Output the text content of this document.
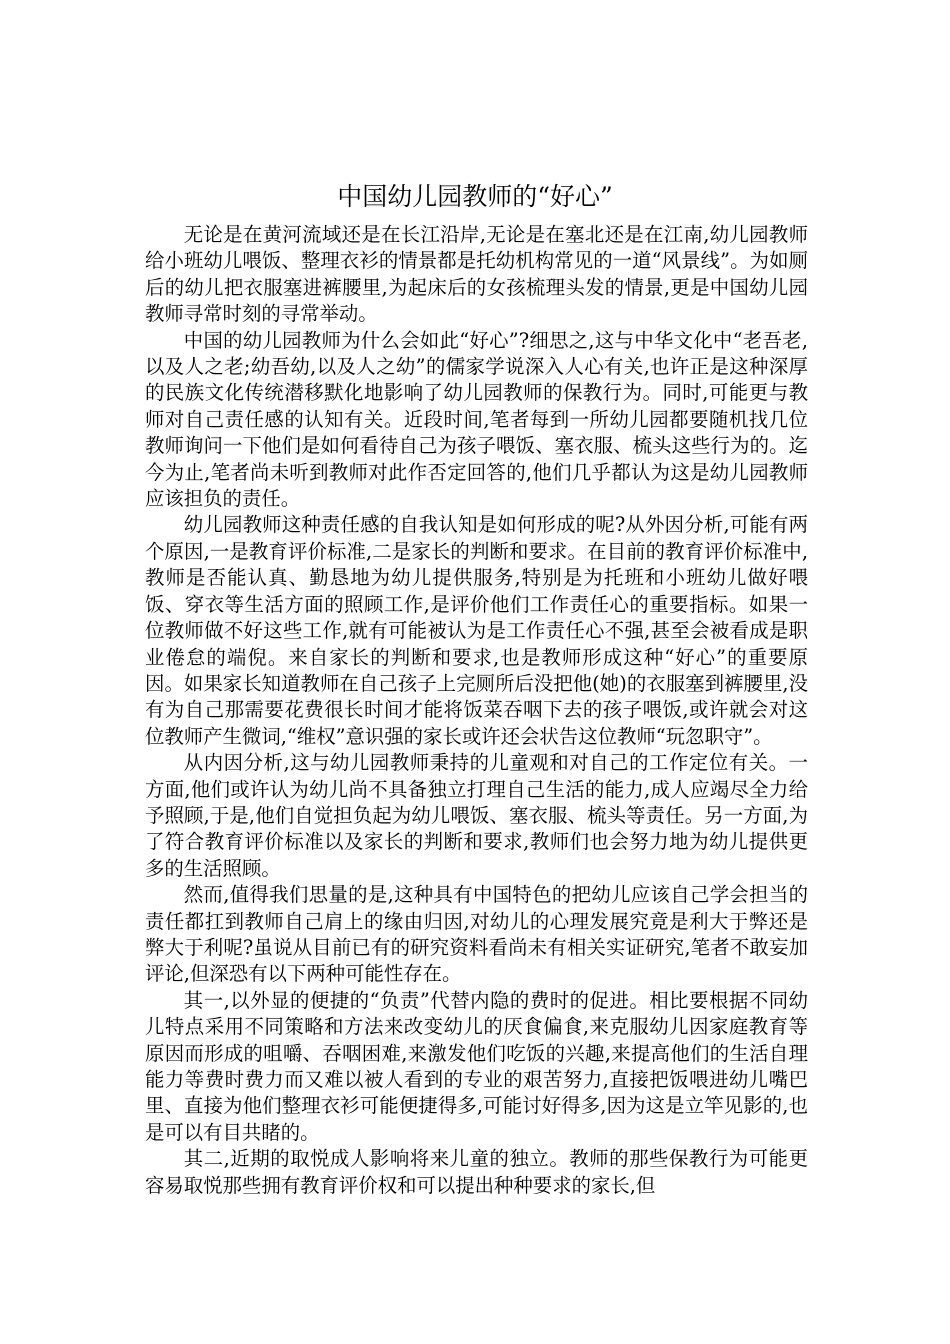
中国幼儿园教师的“好心”

无论是在黄河流域还是在长江沿岸,无论是在塞北还是在江南,幼儿园教师给小班幼儿喂饭、整理衣衫的情景都是托幼机构常见的一道“风景线”。为如厕后的幼儿把衣服塞进裤腰里,为起床后的女孩梳理头发的情景,更是中国幼儿园教师寻常时刻的寻常举动。

中国的幼儿园教师为什么会如此“好心”?细思之,这与中华文化中“老吾老,以及人之老;幼吾幼,以及人之幼”的儒家学说深入人心有关,也许正是这种深厚的民族文化传统潜移默化地影响了幼儿园教师的保教行为。同时,可能更与教师对自己责任感的认知有关。近段时间,笔者每到一所幼儿园都要随机找几位教师询问一下他们是如何看待自己为孩子喂饭、塞衣服、梳头这些行为的。迄今为止,笔者尚未听到教师对此作否定回答的,他们几乎都认为这是幼儿园教师应该担负的责任。

幼儿园教师这种责任感的自我认知是如何形成的呢?从外因分析,可能有两个原因,一是教育评价标准,二是家长的判断和要求。在目前的教育评价标准中,教师是否能认真、勤恳地为幼儿提供服务,特别是为托班和小班幼儿做好喂饭、穿衣等生活方面的照顾工作,是评价他们工作责任心的重要指标。如果一位教师做不好这些工作,就有可能被认为是工作责任心不强,甚至会被看成是职业倦怠的端倪。来自家长的判断和要求,也是教师形成这种“好心”的重要原因。如果家长知道教师在自己孩子上完厕所后没把他(她)的衣服塞到裤腰里,没有为自己那需要花费很长时间才能将饭菜吞咽下去的孩子喂饭,或许就会对这位教师产生微词,“维权”意识强的家长或许还会状告这位教师“玩忽职守”。

从内因分析,这与幼儿园教师秉持的儿童观和对自己的工作定位有关。一方面,他们或许认为幼儿尚不具备独立打理自己生活的能力,成人应竭尽全力给予照顾,于是,他们自觉担负起为幼儿喂饭、塞衣服、梳头等责任。另一方面,为了符合教育评价标准以及家长的判断和要求,教师们也会努力地为幼儿提供更多的生活照顾。

然而,值得我们思量的是,这种具有中国特色的把幼儿应该自己学会担当的责任都扛到教师自己肩上的缘由归因,对幼儿的心理发展究竟是利大于弊还是弊大于利呢?虽说从目前已有的研究资料看尚未有相关实证研究,笔者不敢妄加评论,但深恐有以下两种可能性存在。

其一,以外显的便捷的“负责”代替内隐的费时的促进。相比要根据不同幼儿特点采用不同策略和方法来改变幼儿的厌食偏食,来克服幼儿因家庭教育等原因而形成的咀嚼、吞咽困难,来激发他们吃饭的兴趣,来提高他们的生活自理能力等费时费力而又难以被人看到的专业的艰苦努力,直接把饭喂进幼儿嘴巴里、直接为他们整理衣衫可能便捷得多,可能讨好得多,因为这是立竿见影的,也是可以有目共睹的。

其二,近期的取悦成人影响将来儿童的独立。教师的那些保教行为可能更容易取悦那些拥有教育评价权和可以提出种种要求的家长,但
